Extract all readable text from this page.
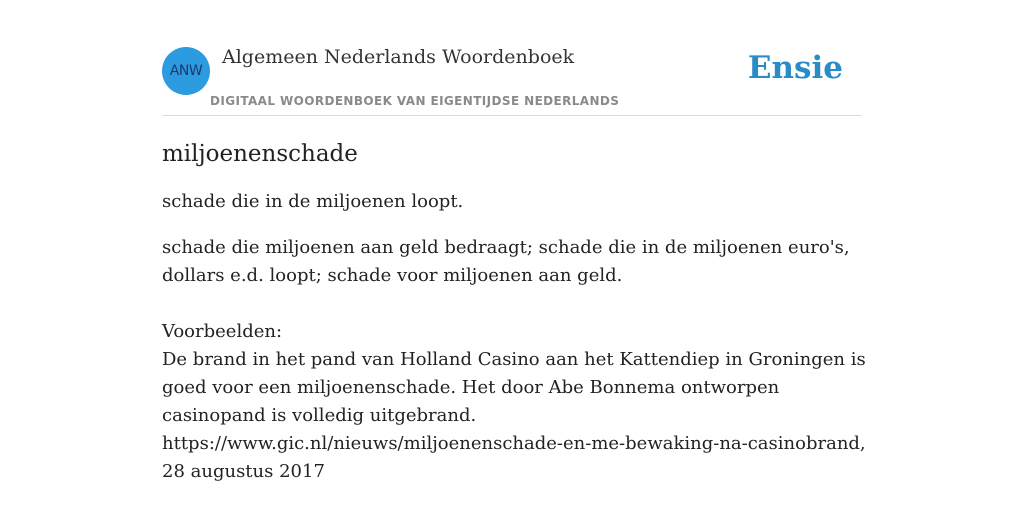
ANW
Algemeen Nederlands Woordenboek
DIGITAAL WOORDENBOEK VAN EIGENTIJDSE NEDERLANDS
Ensie
miljoenenschade

schade die in de miljoenen loopt.

schade die miljoenen aan geld bedraagt; schade die in de miljoenen euro's, dollars e.d. loopt; schade voor miljoenen aan geld.

Voorbeelden:

De brand in het pand van Holland Casino aan het Kattendiep in Groningen is goed voor een miljoenenschade. Het door Abe Bonnema ontworpen casinopand is volledig uitgebrand.

https://www.gic.nl/nieuws/miljoenenschade-en-me-bewaking-na-casinobrand, 28 augustus 2017
